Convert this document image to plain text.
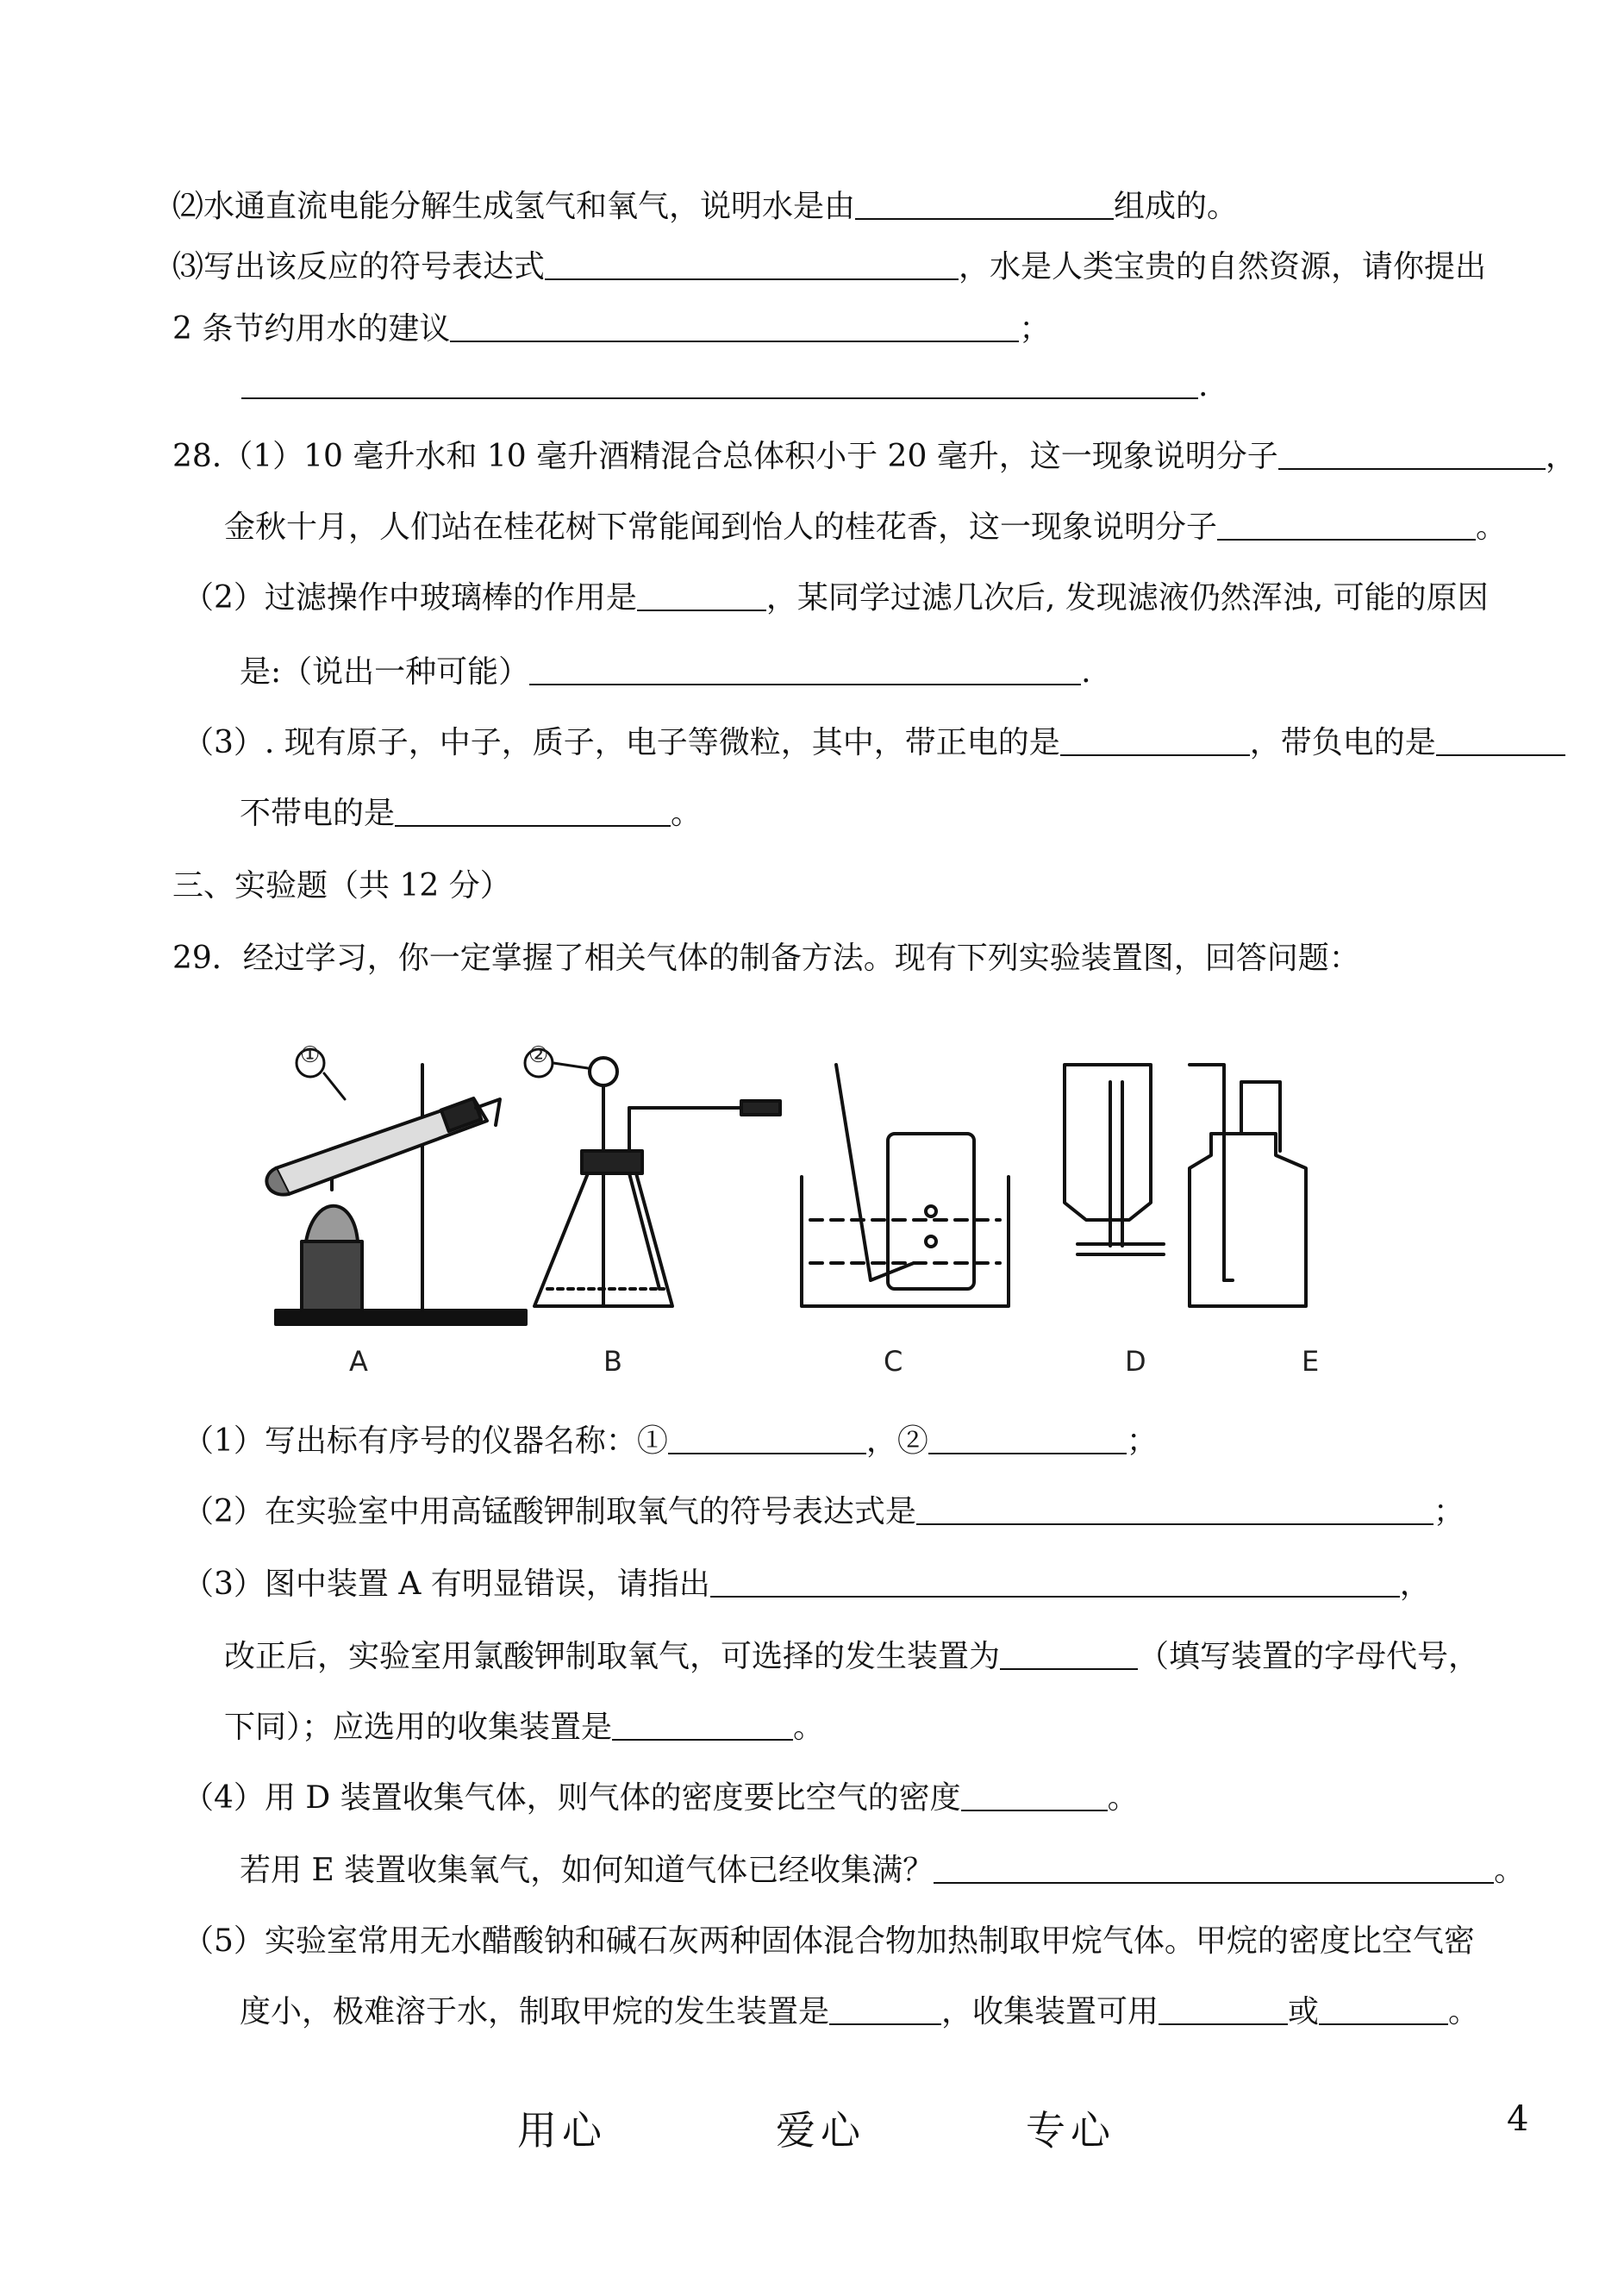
⑵水通直流电能分解生成氢气和氧气，说明水是由	组成的。
⑶写出该反应的符号表达式	，水是人类宝贵的自然资源，请你提出
2 条节约用水的建议	；
.
28.（1）10 毫升水和 10 毫升酒精混合总体积小于 20 毫升，这一现象说明分子	，
金秋十月，人们站在桂花树下常能闻到怡人的桂花香，这一现象说明分子	。
（2）过滤操作中玻璃棒的作用是	，某同学过滤几次后, 发现滤液仍然浑浊, 可能的原因
是:（说出一种可能）	.
（3）. 现有原子，中子，质子，电子等微粒，其中，带正电的是	，带负电的是
不带电的是	。
三、实验题（共 12 分）
29．经过学习，你一定掌握了相关气体的制备方法。现有下列实验装置图，回答问题：
①	②
A	B	C	D	E
（1）写出标有序号的仪器名称：①	，②	；
（2）在实验室中用高锰酸钾制取氧气的符号表达式是	；
（3）图中装置 A 有明显错误，请指出	，
改正后，实验室用氯酸钾制取氧气，可选择的发生装置为	（填写装置的字母代号，
下同）；应选用的收集装置是	。
（4）用 D 装置收集气体，则气体的密度要比空气的密度	。
若用 E 装置收集氧气，如何知道气体已经收集满？	。
（5）实验室常用无水醋酸钠和碱石灰两种固体混合物加热制取甲烷气体。甲烷的密度比空气密
度小，极难溶于水，制取甲烷的发生装置是	，收集装置可用	或	。
用心	爱心	专心	4
